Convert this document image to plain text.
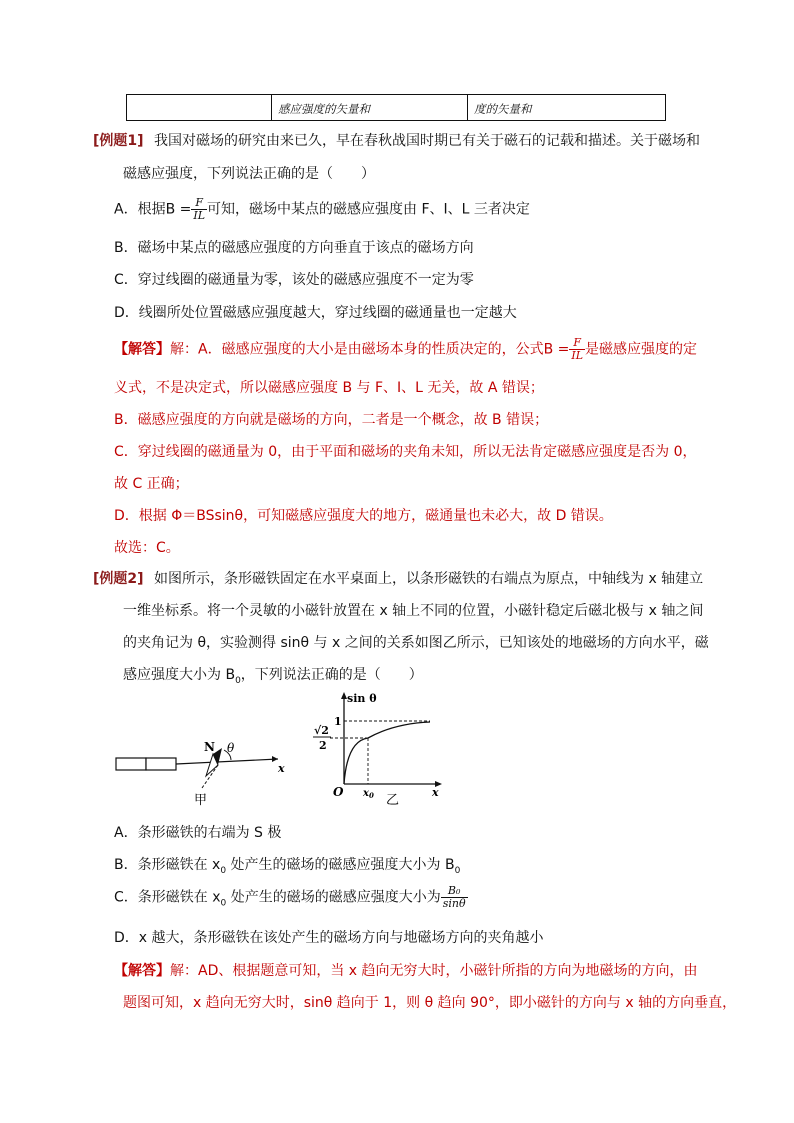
感应强度的矢量和	度的矢量和
[例题1] 我国对磁场的研究由来已久，早在春秋战国时期已有关于磁石的记载和描述。关于磁场和
磁感应强度，下列说法正确的是（　　）
A．根据$B = \frac{F}{IL}$ 可知，磁场中某点的磁感应强度由 F、I、L 三者决定
B．磁场中某点的磁感应强度的方向垂直于该点的磁场方向
C．穿过线圈的磁通量为零，该处的磁感应强度不一定为零
D．线圈所处位置磁感应强度越大，穿过线圈的磁通量也一定越大
【解答】解：A．磁感应强度的大小是由磁场本身的性质决定的，公式$B = \frac{F}{IL}$ 是磁感应强度的定
义式，不是决定式，所以磁感应强度 B 与 F、I、L 无关，故 A 错误；
B．磁感应强度的方向就是磁场的方向，二者是一个概念，故 B 错误；
C．穿过线圈的磁通量为 0，由于平面和磁场的夹角未知，所以无法肯定磁感应强度是否为 0，
故 C 正确；
D．根据 Φ＝BSsinθ，可知磁感应强度大的地方，磁通量也未必大，故 D 错误。
故选：C。
[例题2] 如图所示，条形磁铁固定在水平桌面上，以条形磁铁的右端点为原点，中轴线为 x 轴建立
一维坐标系。将一个灵敏的小磁针放置在 x 轴上不同的位置，小磁针稳定后磁北极与 x 轴之间
的夹角记为 θ，实验测得 sinθ 与 x 之间的关系如图乙所示，已知该处的地磁场的方向水平，磁
感应强度大小为 $B_0$，下列说法正确的是（　　）
N θ
x
甲
sin θ
1
√2
2
O $x_0$	x
乙
A．条形磁铁的右端为 S 极
B．条形磁铁在 $x_0$ 处产生的磁场的磁感应强度大小为 $B_0$
C．条形磁铁在 $x_0$ 处产生的磁场的磁感应强度大小为 $\frac{\text{B₀}}{\sin\theta}$
D．x 越大，条形磁铁在该处产生的磁场方向与地磁场方向的夹角越小
【解答】解：AD、根据题意可知，当 x 趋向无穷大时，小磁针所指的方向为地磁场的方向，由
题图可知，x 趋向无穷大时，sinθ 趋向于 1，则 θ 趋向 90°，即小磁针的方向与 x 轴的方向垂直，
